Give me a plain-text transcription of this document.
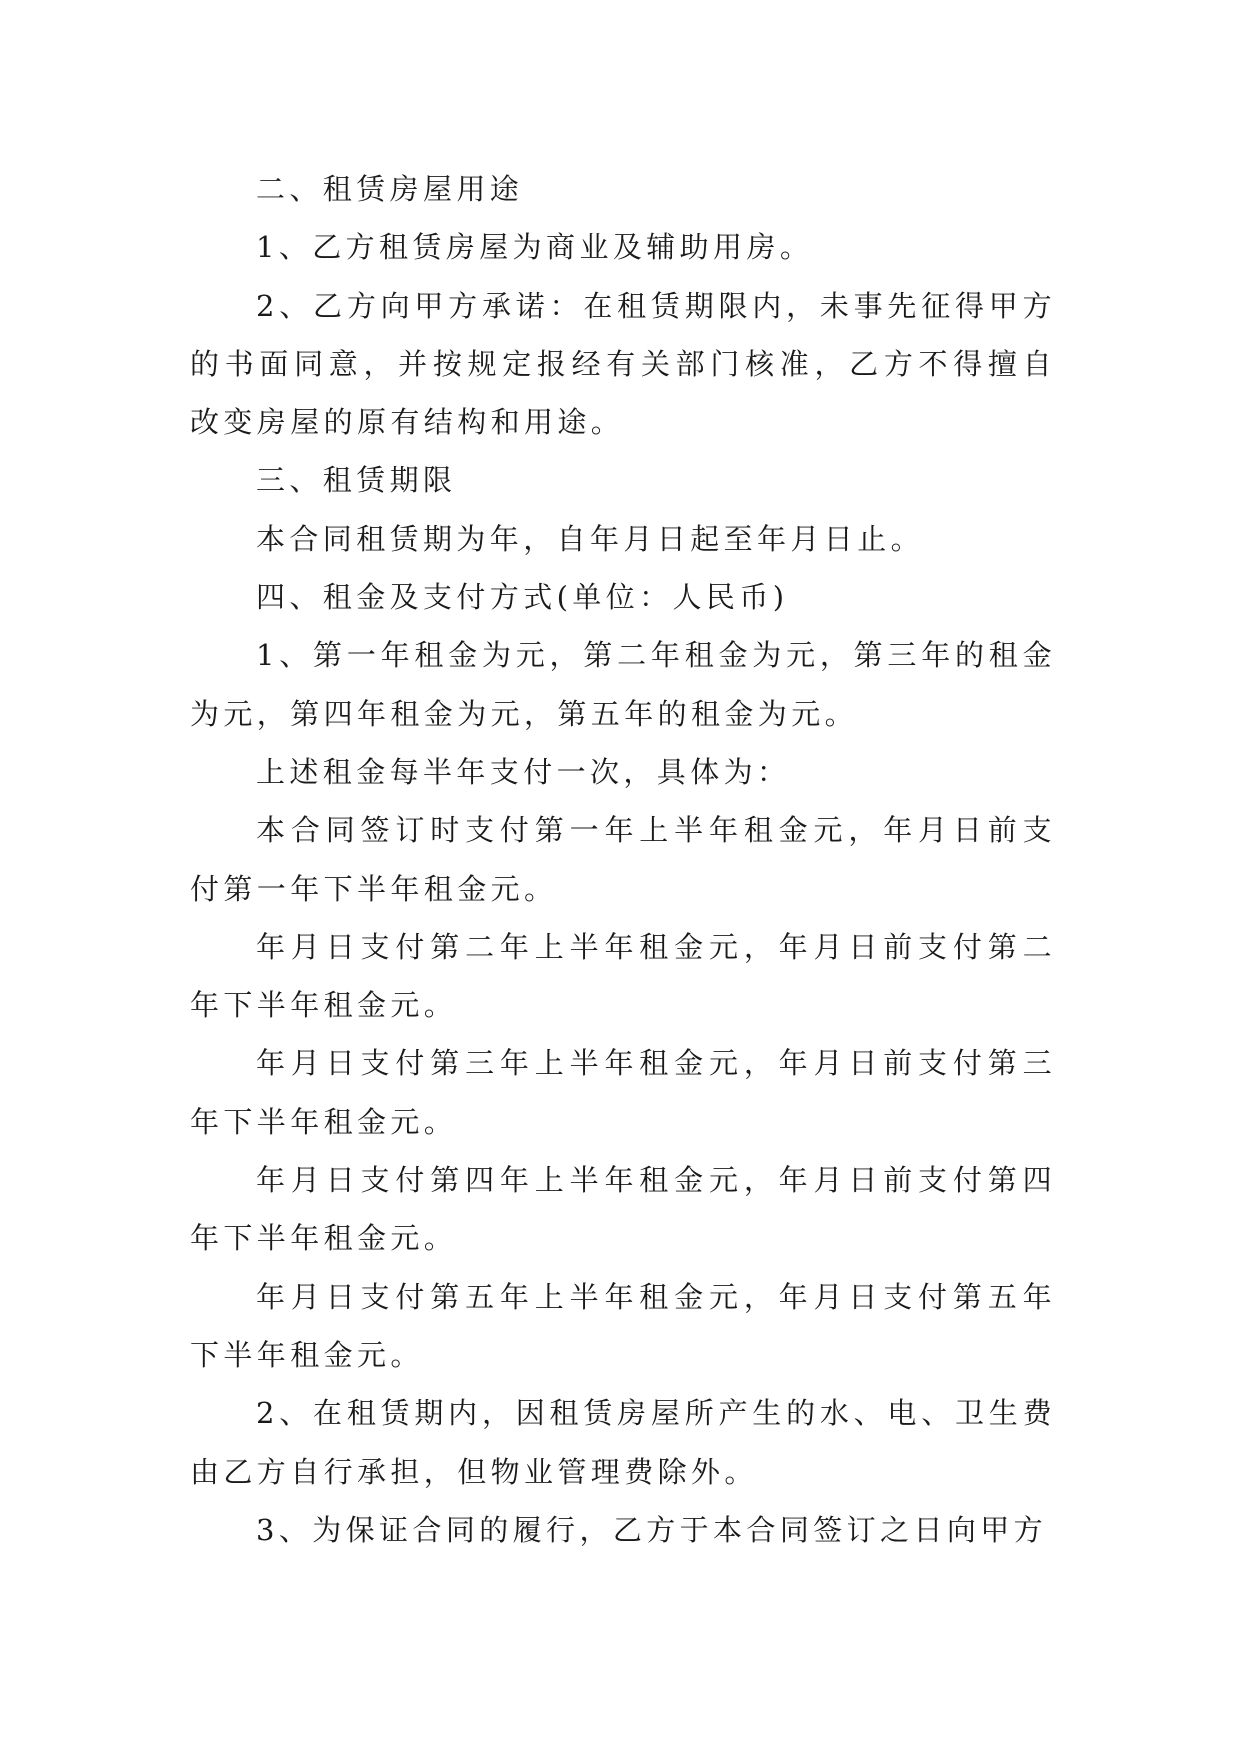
二、租赁房屋用途

1、乙方租赁房屋为商业及辅助用房。

2、乙方向甲方承诺：在租赁期限内，未事先征得甲方的书面同意，并按规定报经有关部门核准，乙方不得擅自改变房屋的原有结构和用途。

三、租赁期限

本合同租赁期为年，自年月日起至年月日止。

四、租金及支付方式(单位：人民币)

1、第一年租金为元，第二年租金为元，第三年的租金为元，第四年租金为元，第五年的租金为元。

上述租金每半年支付一次，具体为：

本合同签订时支付第一年上半年租金元，年月日前支付第一年下半年租金元。

年月日支付第二年上半年租金元，年月日前支付第二年下半年租金元。

年月日支付第三年上半年租金元，年月日前支付第三年下半年租金元。

年月日支付第四年上半年租金元，年月日前支付第四年下半年租金元。

年月日支付第五年上半年租金元，年月日支付第五年下半年租金元。

2、在租赁期内，因租赁房屋所产生的水、电、卫生费由乙方自行承担，但物业管理费除外。

3、为保证合同的履行，乙方于本合同签订之日向甲方
